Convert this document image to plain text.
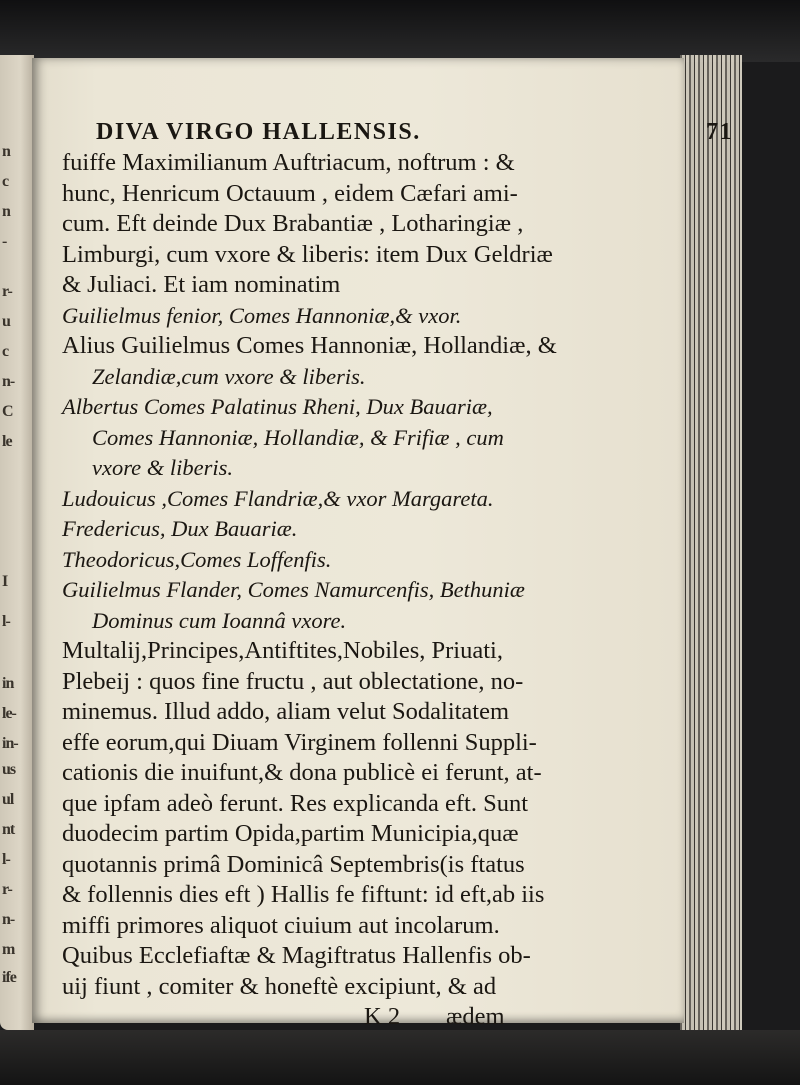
n
c
n
-
r-
u
c
n-
C
le
I
l-
in
le-
in-
us
ul
nt
l-
r-
n-
m
ife
DIVA VIRGO HALLENSIS.	71
fuiffe Maximilianum Auftriacum, noftrum : &
hunc, Henricum Octauum , eidem Cæfari ami-
cum. Eft deinde Dux Brabantiæ , Lotharingiæ ,
Limburgi, cum vxore & liberis: item Dux Geldriæ
& Juliaci. Et iam nominatim
Guilielmus fenior, Comes Hannoniæ,& vxor.
Alius Guilielmus Comes Hannoniæ, Hollandiæ, &
Zelandiæ,cum vxore & liberis.
Albertus Comes Palatinus Rheni, Dux Bauariæ,
Comes Hannoniæ, Hollandiæ, & Frifiæ , cum
vxore & liberis.
Ludouicus ,Comes Flandriæ,& vxor Margareta.
Fredericus, Dux Bauariæ.
Theodoricus,Comes Loffenfis.
Guilielmus Flander, Comes Namurcenfis, Bethuniæ
Dominus cum Ioannâ vxore.
Multalij,Principes,Antiftites,Nobiles, Priuati,
Plebeij : quos fine fructu , aut oblectatione, no-
minemus. Illud addo, aliam velut Sodalitatem
effe eorum,qui Diuam Virginem follenni Suppli-
cationis die inuifunt,& dona publicè ei ferunt, at-
que ipfam adeò ferunt. Res explicanda eft. Sunt
duodecim partim Opida,partim Municipia,quæ
quotannis primâ Dominicâ Septembris(is ftatus
& follennis dies eft ) Hallis fe fiftunt: id eft,ab iis
miffi primores aliquot ciuium aut incolarum.
Quibus Ecclefiaftæ & Magiftratus Hallenfis ob-
uij fiunt , comiter & honeftè excipiunt, & ad
K 2 ædem
